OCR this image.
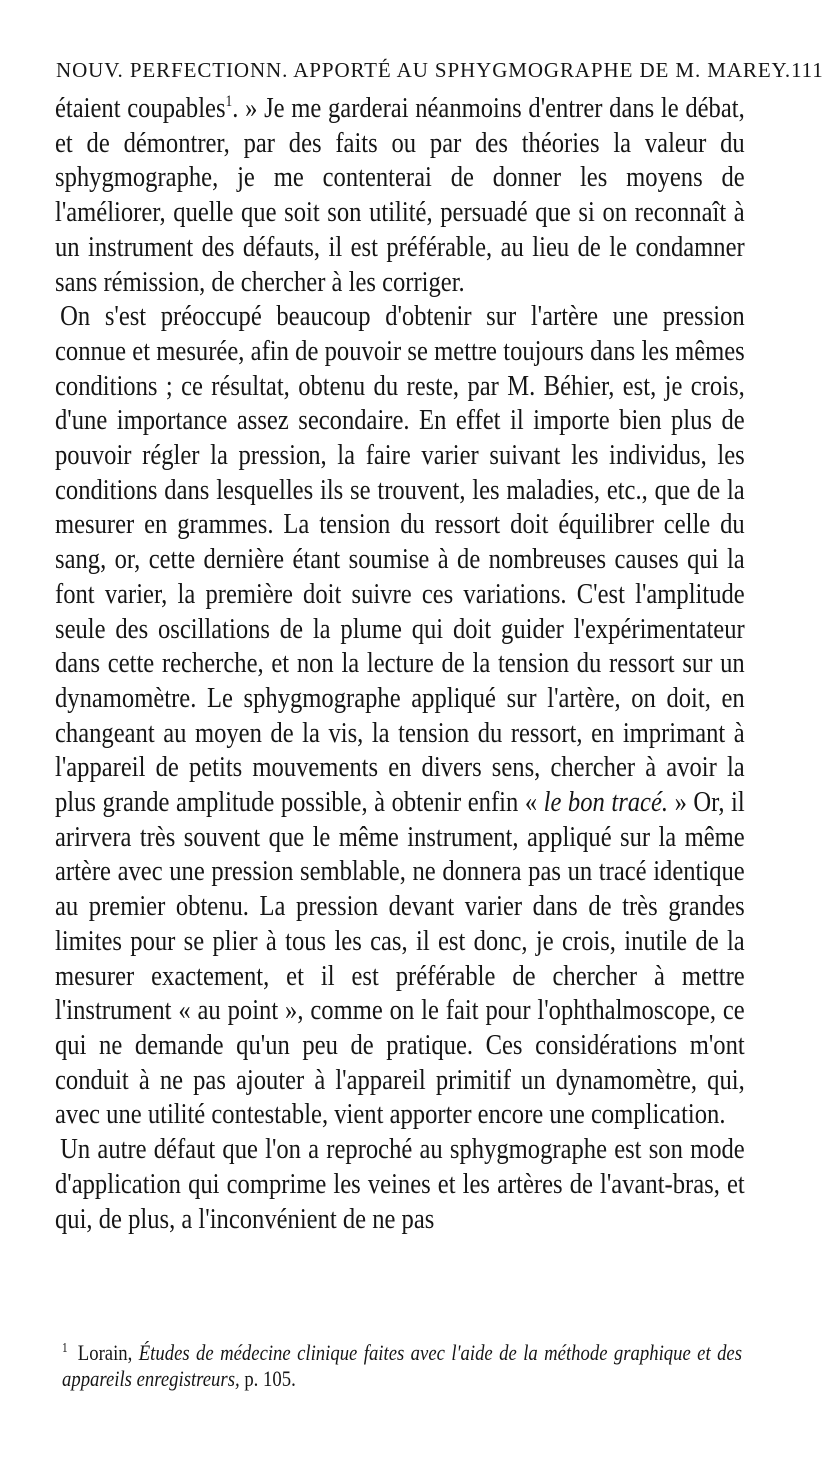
NOUV. PERFECTIONN. APPORTÉ AU SPHYGMOGRAPHE DE M. MAREY. 111

étaient coupables$^1$. » Je me garderai néanmoins d'entrer dans le débat, et de démontrer, par des faits ou par des théories la valeur du sphygmographe, je me contenterai de donner les moyens de l'améliorer, quelle que soit son utilité, persuadé que si on reconnaît à un instrument des défauts, il est préférable, au lieu de le condamner sans rémission, de chercher à les corriger.

On s'est préoccupé beaucoup d'obtenir sur l'artère une pression connue et mesurée, afin de pouvoir se mettre toujours dans les mêmes conditions ; ce résultat, obtenu du reste, par M. Béhier, est, je crois, d'une importance assez secondaire. En effet il importe bien plus de pouvoir régler la pression, la faire varier suivant les individus, les conditions dans lesquelles ils se trouvent, les maladies, etc., que de la mesurer en grammes. La tension du ressort doit équilibrer celle du sang, or, cette dernière étant soumise à de nombreuses causes qui la font varier, la première doit suivre ces variations. C'est l'amplitude seule des oscillations de la plume qui doit guider l'expérimentateur dans cette recherche, et non la lecture de la tension du ressort sur un dynamomètre. Le sphygmographe appliqué sur l'artère, on doit, en changeant au moyen de la vis, la tension du ressort, en imprimant à l'appareil de petits mouvements en divers sens, chercher à avoir la plus grande amplitude possible, à obtenir enfin « le bon tracé. » Or, il arirvera très souvent que le même instrument, appliqué sur la même artère avec une pression semblable, ne donnera pas un tracé identique au premier obtenu. La pression devant varier dans de très grandes limites pour se plier à tous les cas, il est donc, je crois, inutile de la mesurer exactement, et il est préférable de chercher à mettre l'instrument « au point », comme on le fait pour l'ophthalmoscope, ce qui ne demande qu'un peu de pratique. Ces considérations m'ont conduit à ne pas ajouter à l'appareil primitif un dynamomètre, qui, avec une utilité contestable, vient apporter encore une complication.

Un autre défaut que l'on a reproché au sphygmographe est son mode d'application qui comprime les veines et les artères de l'avant-bras, et qui, de plus, a l'inconvénient de ne pas

$^1$ Lorain, Études de médecine clinique faites avec l'aide de la méthode graphique et des appareils enregistreurs, p. 105.
